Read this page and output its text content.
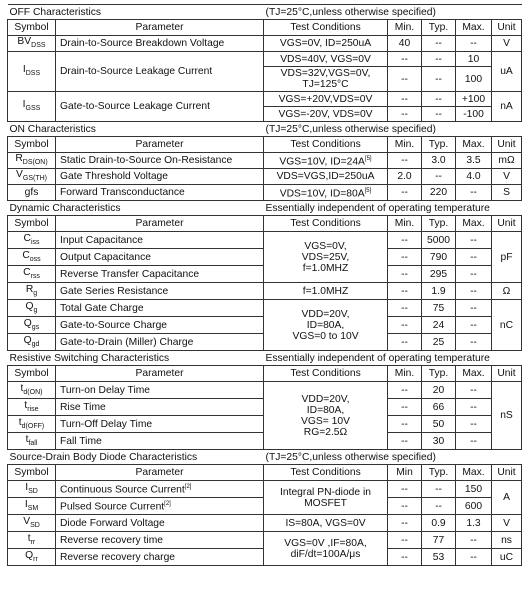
OFF Characteristics		(TJ=25°C,unless otherwise specified)				
Symbol	Parameter	Test Conditions	Min.	Typ.	Max.	Unit
$BV_{DSS}$	Drain-to-Source Breakdown Voltage	VGS=0V, ID=250uA	40	--	--	V
$I_{DSS}$	Drain-to-Source Leakage Current	VDS=40V, VGS=0V	--	--	10	uA

		VDS=32V,VGS=0V,
TJ=125°C	--	--	100	
$I_{GSS}$	Gate-to-Source Leakage Current	VGS=+20V,VDS=0V	--	--	+100	nA
		VGS=-20V, VDS=0V	--	--	-100	
ON Characteristics		(TJ=25°C,unless otherwise specified)				
Symbol	Parameter	Test Conditions	Min.	Typ.	Max.	Unit
$R_{DS(ON)}$	Static Drain-to-Source On-Resistance	VGS=10V, ID=24A[5]	--	3.0	3.5	mΩ
$V_{GS(TH)}$	Gate Threshold Voltage	VDS=VGS,ID=250uA	2.0	--	4.0	V
gfs	Forward Transconductance	VDS=10V, ID=80A[5]	--	220	--	S
Dynamic Characteristics		Essentially independent of operating temperature				
Symbol	Parameter	Test Conditions	Min.	Typ.	Max.	Unit
$C_{iss}$	Input Capacitance	VGS=0V,
VDS=25V,
f=1.0MHZ	--	5000	--	pF
$C_{oss}$	Output Capacitance		--	790	--	
$C_{rss}$	Reverse Transfer Capacitance		--	295	--	
$R_g$	Gate Series Resistance	f=1.0MHZ	--	1.9	--	Ω
$Q_g$	Total Gate Charge	VDD=20V,
ID=80A,
VGS=0 to 10V	--	75	--	nC
$Q_{gs}$	Gate-to-Source Charge		--	24	--	
$Q_{gd}$	Gate-to-Drain (Miller) Charge		--	25	--	
Resistive Switching Characteristics		Essentially independent of operating temperature				
Symbol	Parameter	Test Conditions	Min.	Typ.	Max.	Unit
$t_{d(ON)}$	Turn-on Delay Time	VDD=20V,
ID=80A,
VGS= 10V
RG=2.5Ω	--	20	--	nS
$t_{rise}$	Rise Time		--	66	--	
$t_{d(OFF)}$	Turn-Off Delay Time		--	50	--	
$t_{fall}$	Fall Time		--	30	--	
Source-Drain Body Diode Characteristics		(TJ=25°C,unless otherwise specified)				
Symbol	Parameter	Test Conditions	Min	Typ.	Max.	Unit
$I_{SD}$	Continuous Source Current[2]	Integral PN-diode in
MOSFET	--	--	150	A
$I_{SM}$	Pulsed Source Current[2]		--	--	600	
$V_{SD}$	Diode Forward Voltage	IS=80A, VGS=0V	--	0.9	1.3	V
$t_{rr}$	Reverse recovery time	VGS=0V ,IF=80A,
diF/dt=100A/μs	--	77	--	ns
$Q_{rr}$	Reverse recovery charge		--	53	--	uC
